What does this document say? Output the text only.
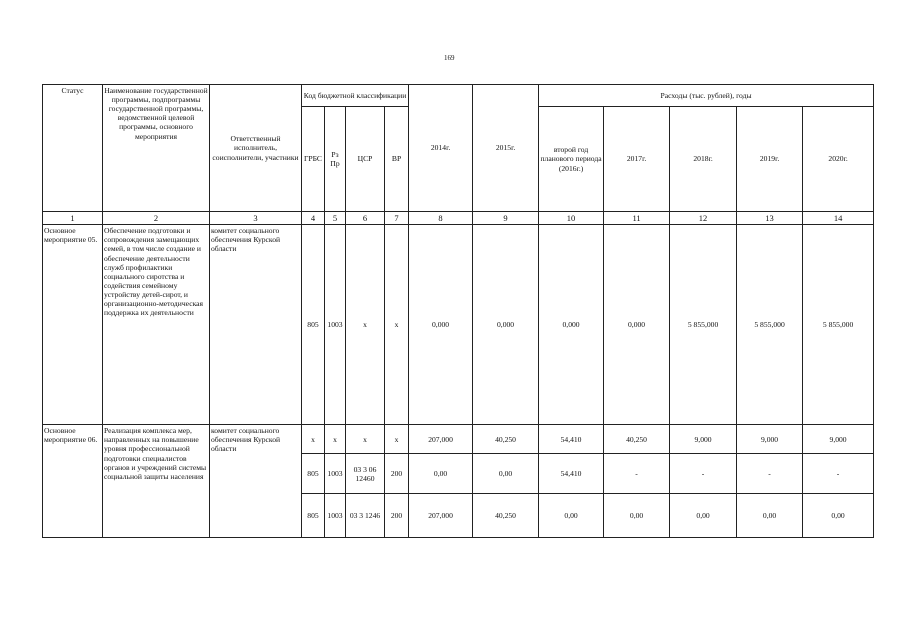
169
Статус	Наименование государственной программы, подпрограммы государственной программы, ведомственной целевой программы, основного мероприятия	Ответственный исполнитель, соисполнители, участники	Код бюджетной классификации				2014г.	2015г.	Расходы (тыс. рублей), годы				
			ГРБС	Рз Пр	ЦСР	ВР			второй год планового периода (2016г.)	2017г.	2018г.	2019г.	2020г.
1	2	3	4	5	6	7	8	9	10	11	12	13	14
Основное мероприятие 05.	Обеспечение подготовки и сопровождения замещающих семей, в том числе создание и обеспечение деятельности служб профилактики социального сиротства и содействия семейному устройству детей-сирот, и организационно-методическая поддержка их деятельности	комитет социального обеспечения Курской области	805	1003	x	x	0,000	0,000	0,000	0,000	5 855,000	5 855,000	5 855,000
Основное мероприятие 06.	Реализация комплекса мер, направленных на повышение уровня профессиональной подготовки специалистов органов и учреждений системы социальной защиты населения	комитет социального обеспечения Курской области	x	x	x	x	207,000	40,250	54,410	40,250	9,000	9,000	9,000
			805	1003	03 3 06 12460	200	0,00	0,00	54,410	-	-	-	-
			805	1003	03 3 1246	200	207,000	40,250	0,00	0,00	0,00	0,00	0,00
